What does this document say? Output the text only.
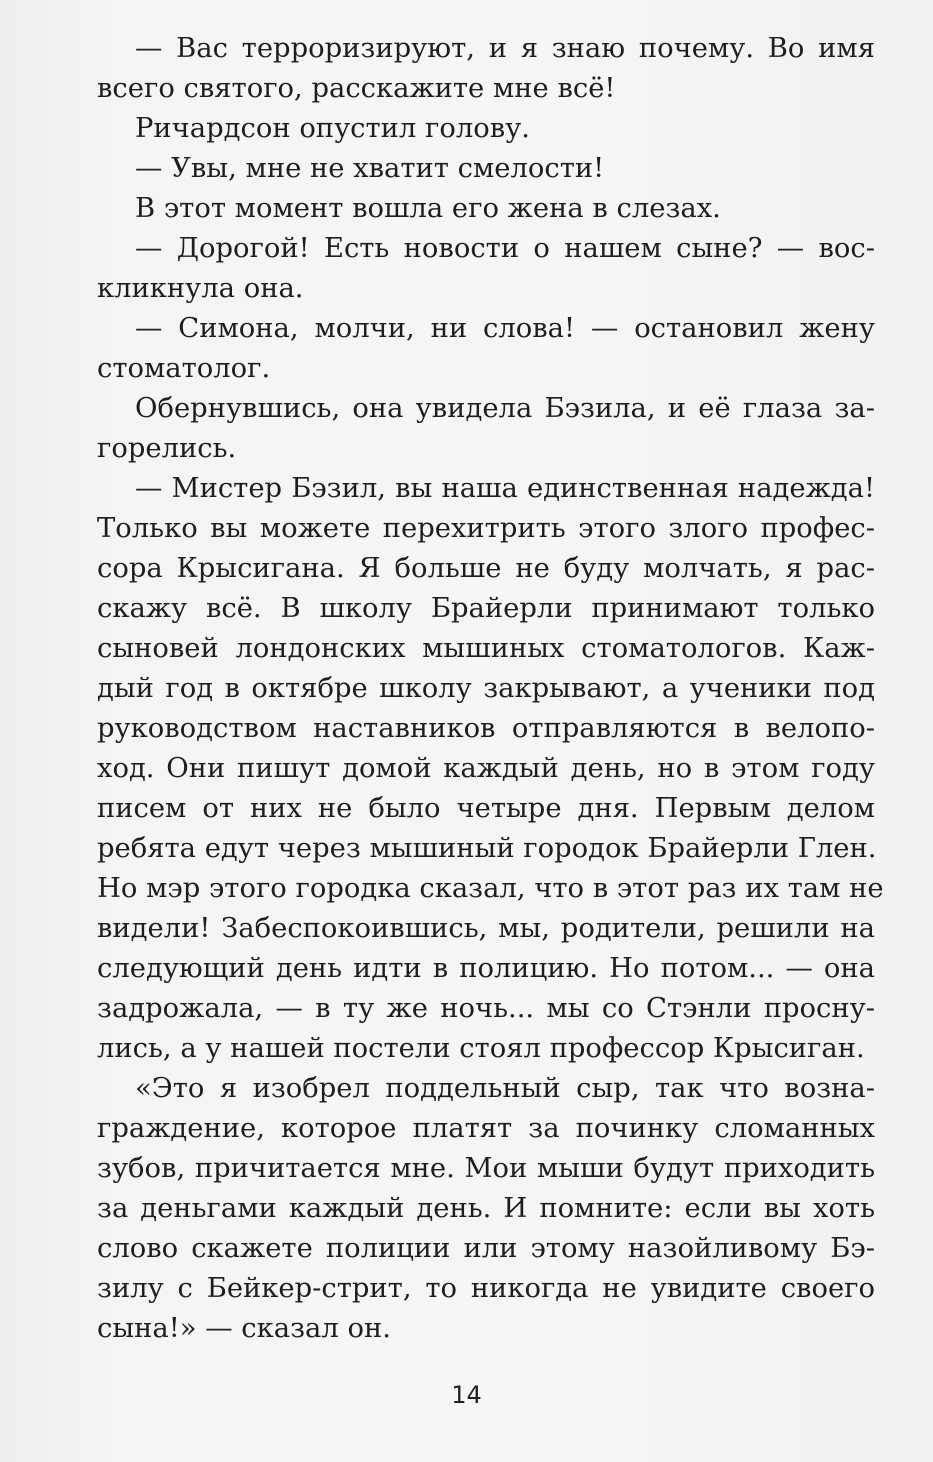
— Вас терроризируют, и я знаю почему. Во имя
всего святого, расскажите мне всё!
Ричардсон опустил голову.
— Увы, мне не хватит смелости!
В этот момент вошла его жена в слезах.
— Дорогой! Есть новости о нашем сыне? — вос-
кликнула она.
— Симона, молчи, ни слова! — остановил жену
стоматолог.
Обернувшись, она увидела Бэзила, и её глаза за-
горелись.
— Мистер Бэзил, вы наша единственная надежда!
Только вы можете перехитрить этого злого профес-
сора Крысигана. Я больше не буду молчать, я рас-
скажу всё. В школу Брайерли принимают только
сыновей лондонских мышиных стоматологов. Каж-
дый год в октябре школу закрывают, а ученики под
руководством наставников отправляются в велопо-
ход. Они пишут домой каждый день, но в этом году
писем от них не было четыре дня. Первым делом
ребята едут через мышиный городок Брайерли Глен.
Но мэр этого городка сказал, что в этот раз их там не
видели! Забеспокоившись, мы, родители, решили на
следующий день идти в полицию. Но потом... — она
задрожала, — в ту же ночь... мы со Стэнли просну-
лись, а у нашей постели стоял профессор Крысиган.
«Это я изобрел поддельный сыр, так что возна-
граждение, которое платят за починку сломанных
зубов, причитается мне. Мои мыши будут приходить
за деньгами каждый день. И помните: если вы хоть
слово скажете полиции или этому назойливому Бэ-
зилу с Бейкер-стрит, то никогда не увидите своего
сына!» — сказал он.
14
